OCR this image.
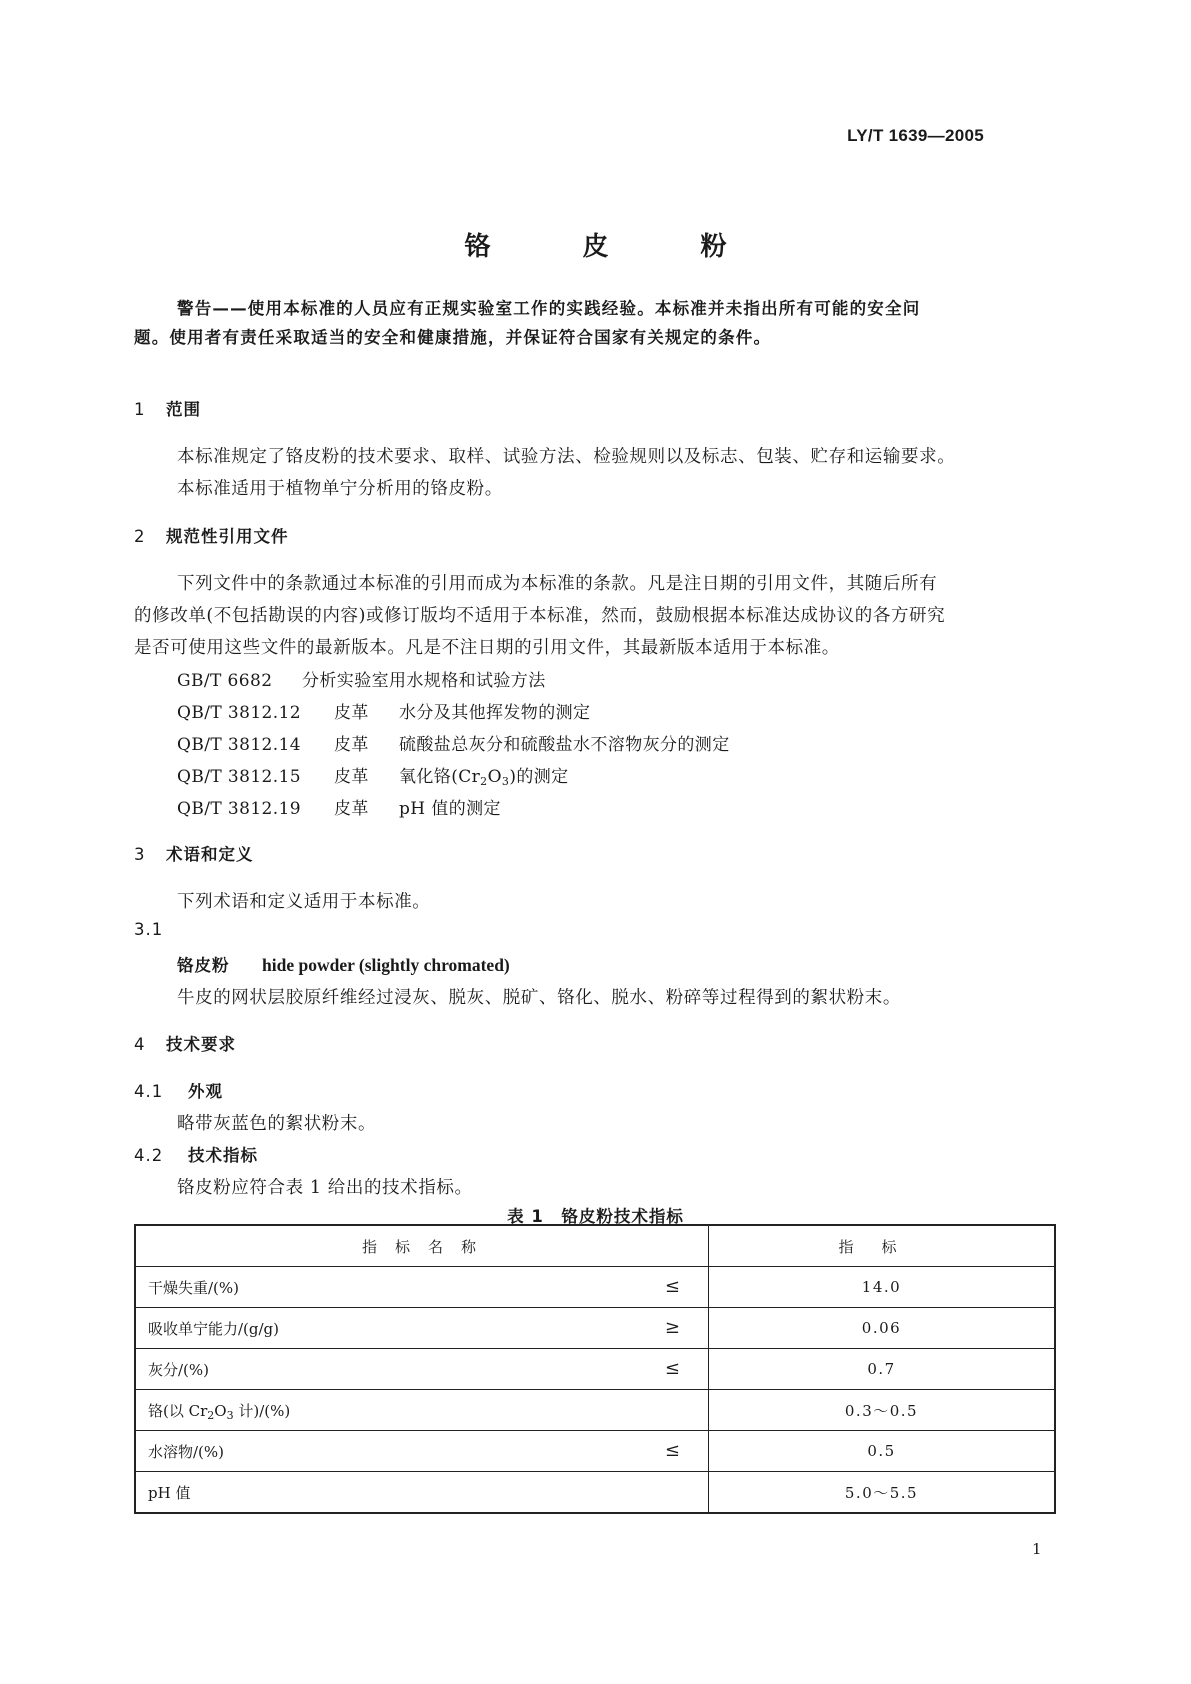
LY/T 1639—2005
铬皮粉
警告——使用本标准的人员应有正规实验室工作的实践经验。本标准并未指出所有可能的安全问
题。使用者有责任采取适当的安全和健康措施，并保证符合国家有关规定的条件。
1 范围
本标准规定了铬皮粉的技术要求、取样、试验方法、检验规则以及标志、包装、贮存和运输要求。
本标准适用于植物单宁分析用的铬皮粉。
2 规范性引用文件
下列文件中的条款通过本标准的引用而成为本标准的条款。凡是注日期的引用文件，其随后所有
的修改单(不包括勘误的内容)或修订版均不适用于本标准，然而，鼓励根据本标准达成协议的各方研究
是否可使用这些文件的最新版本。凡是不注日期的引用文件，其最新版本适用于本标准。
GB/T 6682 分析实验室用水规格和试验方法
QB/T 3812.12 皮革 水分及其他挥发物的测定
QB/T 3812.14 皮革 硫酸盐总灰分和硫酸盐水不溶物灰分的测定
QB/T 3812.15 皮革 氧化铬$(Cr_2O_3)$的测定
QB/T 3812.19 皮革 pH 值的测定
3 术语和定义
下列术语和定义适用于本标准。
3.1
铬皮粉 hide powder (slightly chromated)
牛皮的网状层胶原纤维经过浸灰、脱灰、脱矿、铬化、脱水、粉碎等过程得到的絮状粉末。
4 技术要求
4.1 外观
略带灰蓝色的絮状粉末。
4.2 技术指标
铬皮粉应符合表 1 给出的技术指标。
表 1　铬皮粉技术指标
指标名称	指标
干燥失重/(%) ≤	14.0
吸收单宁能力/(g/g) ≥	0.06
灰分/(%) ≤	0.7
铬(以 $Cr_2O_3$ 计)/(%)	0.3～0.5
水溶物/(%) ≤	0.5
pH 值	5.0～5.5
1
